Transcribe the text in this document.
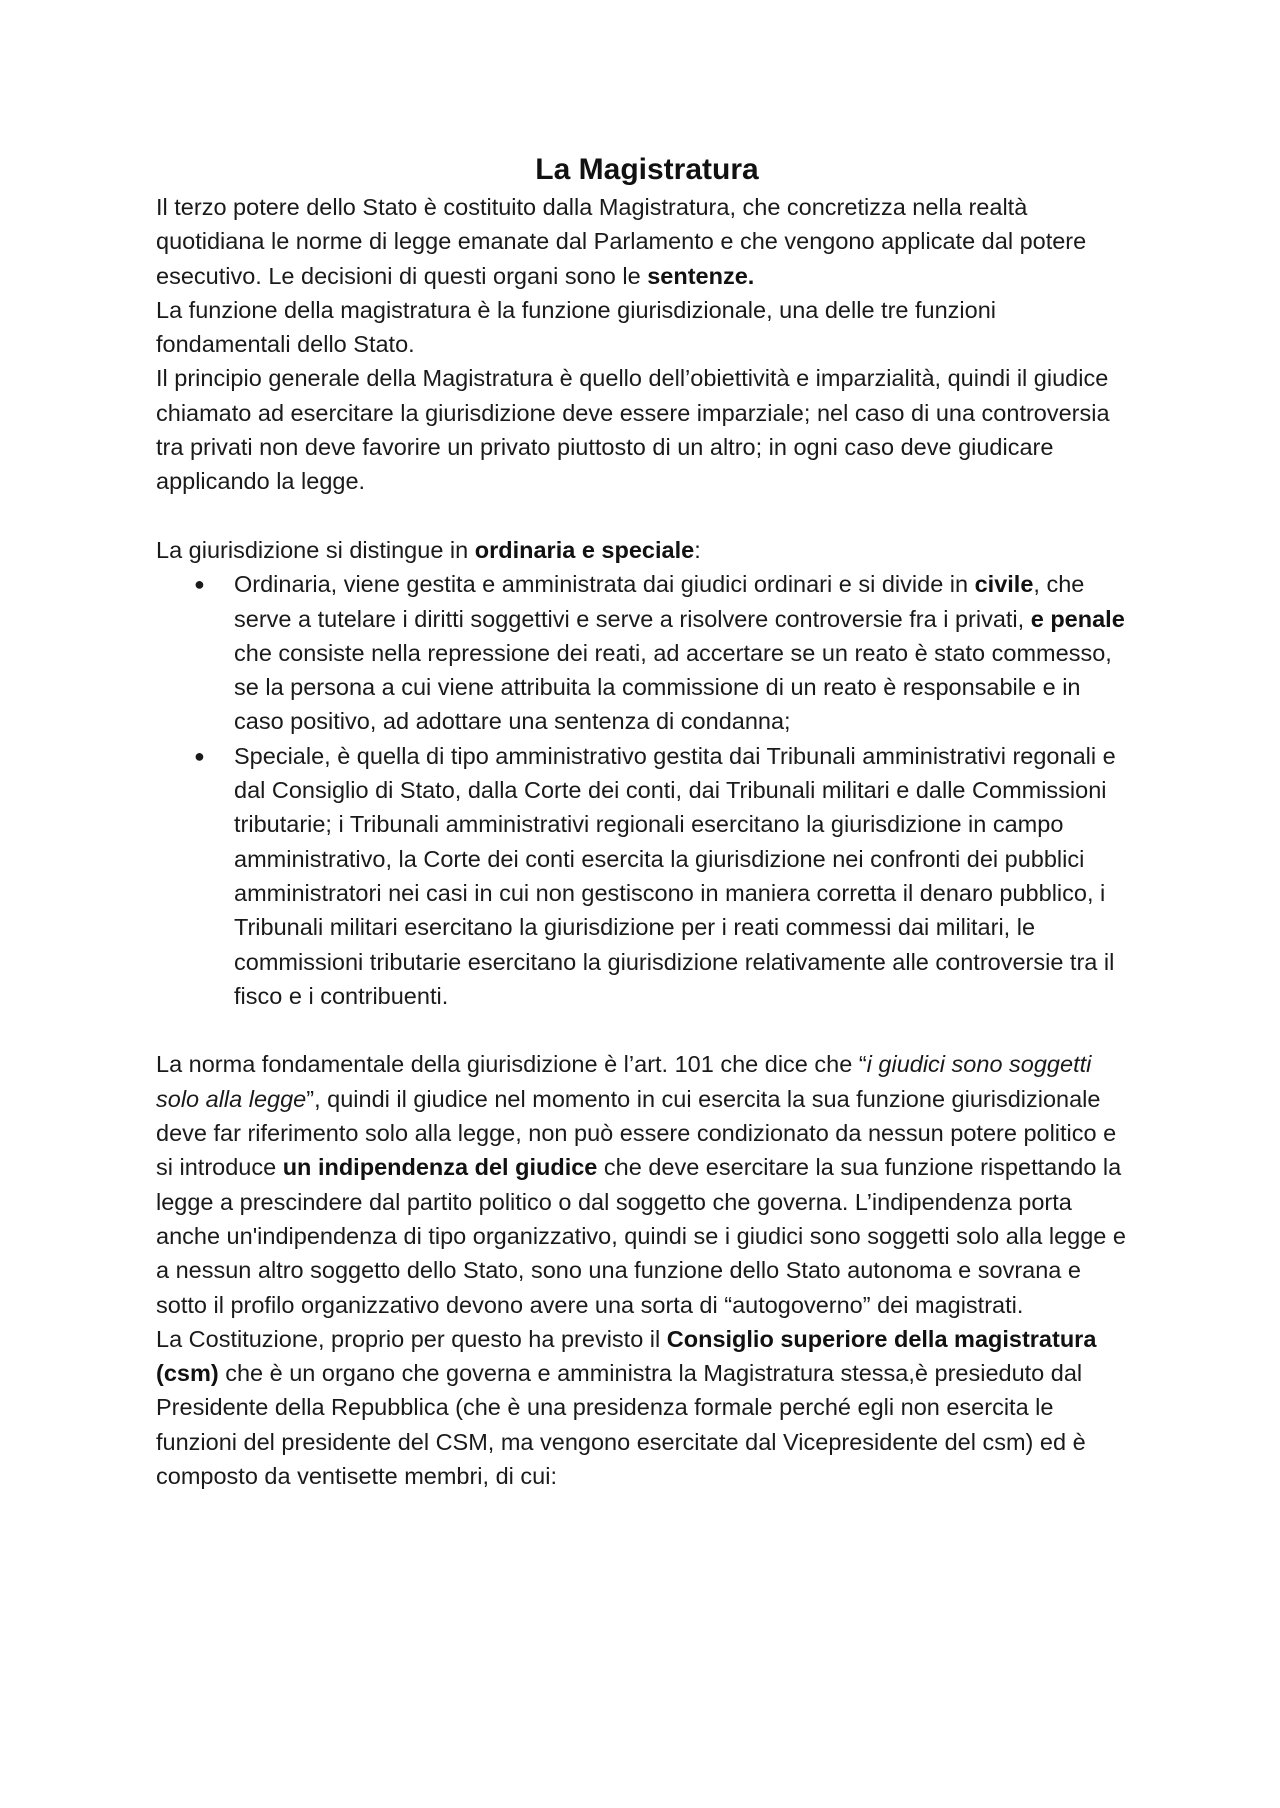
La Magistratura

Il terzo potere dello Stato è costituito dalla Magistratura, che concretizza nella realtà quotidiana le norme di legge emanate dal Parlamento e che vengono applicate dal potere esecutivo. Le decisioni di questi organi sono le sentenze.

La funzione della magistratura è la funzione giurisdizionale, una delle tre funzioni fondamentali dello Stato.

Il principio generale della Magistratura è quello dell’obiettività e imparzialità, quindi il giudice chiamato ad esercitare la giurisdizione deve essere imparziale; nel caso di una controversia tra privati non deve favorire un privato piuttosto di un altro; in ogni caso deve giudicare applicando la legge.

La giurisdizione si distingue in ordinaria e speciale:

● Ordinaria, viene gestita e amministrata dai giudici ordinari e si divide in civile, che serve a tutelare i diritti soggettivi e serve a risolvere controversie fra i privati, e penale che consiste nella repressione dei reati, ad accertare se un reato è stato commesso, se la persona a cui viene attribuita la commissione di un reato è responsabile e in caso positivo, ad adottare una sentenza di condanna;
● Speciale, è quella di tipo amministrativo gestita dai Tribunali amministrativi regonali e dal Consiglio di Stato, dalla Corte dei conti, dai Tribunali militari e dalle Commissioni tributarie; i Tribunali amministrativi regionali esercitano la giurisdizione in campo amministrativo, la Corte dei conti esercita la giurisdizione nei confronti dei pubblici amministratori nei casi in cui non gestiscono in maniera corretta il denaro pubblico, i Tribunali militari esercitano la giurisdizione per i reati commessi dai militari, le commissioni tributarie esercitano la giurisdizione relativamente alle controversie tra il fisco e i contribuenti.

La norma fondamentale della giurisdizione è l’art. 101 che dice che “i giudici sono soggetti solo alla legge”, quindi il giudice nel momento in cui esercita la sua funzione giurisdizionale deve far riferimento solo alla legge, non può essere condizionato da nessun potere politico e si introduce un indipendenza del giudice che deve esercitare la sua funzione rispettando la legge a prescindere dal partito politico o dal soggetto che governa. L’indipendenza porta anche un'indipendenza di tipo organizzativo, quindi se i giudici sono soggetti solo alla legge e a nessun altro soggetto dello Stato, sono una funzione dello Stato autonoma e sovrana e sotto il profilo organizzativo devono avere una sorta di “autogoverno” dei magistrati.

La Costituzione, proprio per questo ha previsto il Consiglio superiore della magistratura (csm) che è un organo che governa e amministra la Magistratura stessa,è presieduto dal Presidente della Repubblica (che è una presidenza formale perché egli non esercita le funzioni del presidente del CSM, ma vengono esercitate dal Vicepresidente del csm) ed è composto da ventisette membri, di cui:
